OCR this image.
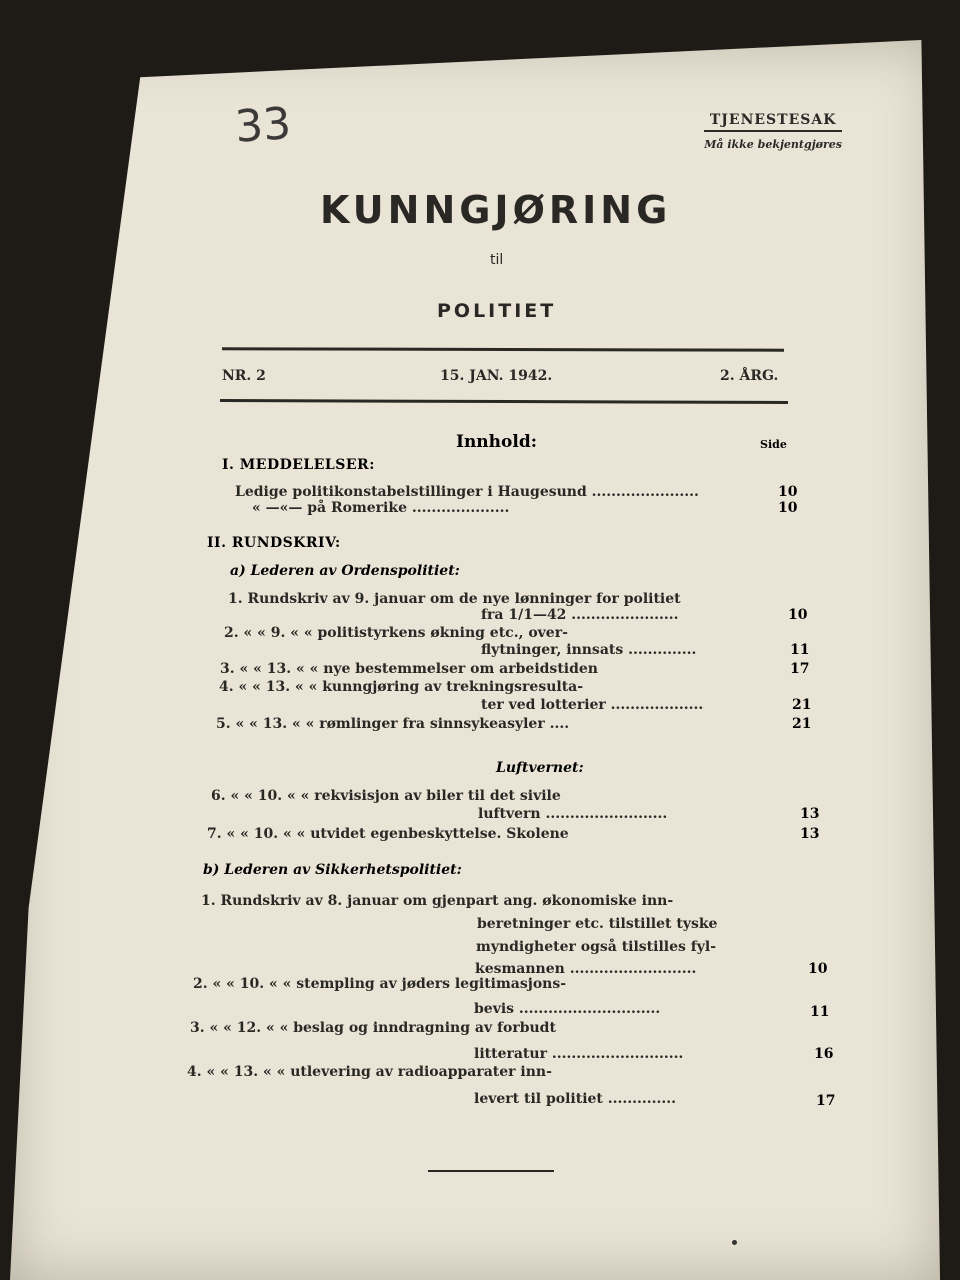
33	TJENESTESAK
Må ikke bekjentgjøres
KUNNGJØRING
til
POLITIET
NR. 2	15. JAN. 1942.	2. ÅRG.
Innhold:	Side
I. MEDDELELSER:
Ledige politikonstabelstillinger i Haugesund ......................	10
« —«— på Romerike ....................	10
II. RUNDSKRIV:
a) Lederen av Ordenspolitiet:
1. Rundskriv av 9. januar om de nye lønninger for politiet
fra 1/1—42 ......................	10
2. « « 9. « « politistyrkens økning etc., over-
flytninger, innsats ..............	11
3. « « 13. « « nye bestemmelser om arbeidstiden	17
4. « « 13. « « kunngjøring av trekningsresulta-
ter ved lotterier ...................	21
5. « « 13. « « rømlinger fra sinnsykeasyler ....	21
Luftvernet:
6. « « 10. « « rekvisisjon av biler til det sivile
luftvern .........................	13
7. « « 10. « « utvidet egenbeskyttelse. Skolene	13
b) Lederen av Sikkerhetspolitiet:
1. Rundskriv av 8. januar om gjenpart ang. økonomiske inn-
beretninger etc. tilstillet tyske
myndigheter også tilstilles fyl-
kesmannen ..........................	10
2. « « 10. « « stempling av jøders legitimasjons-
bevis .............................	11
3. « « 12. « « beslag og inndragning av forbudt
litteratur ...........................	16
4. « « 13. « « utlevering av radioapparater inn-
levert til politiet ..............	17
